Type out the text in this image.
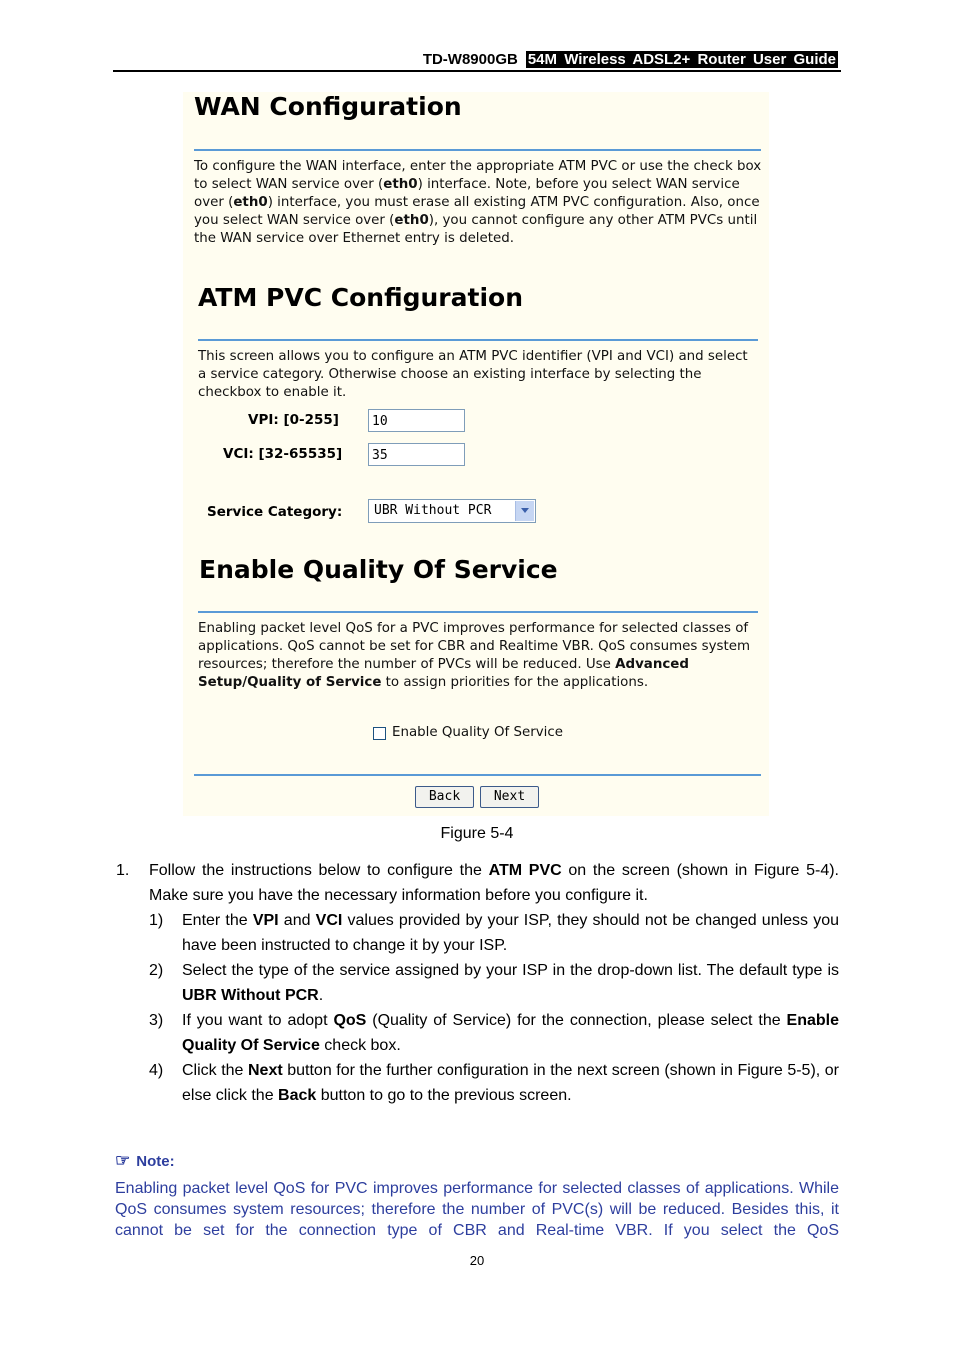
TD-W8900GB 54M Wireless ADSL2+ Router User Guide
WAN Configuration
To configure the WAN interface, enter the appropriate ATM PVC or use the check box to select WAN service over (eth0) interface. Note, before you select WAN service over (eth0) interface, you must erase all existing ATM PVC configuration. Also, once you select WAN service over (eth0), you cannot configure any other ATM PVCs until the WAN service over Ethernet entry is deleted.
ATM PVC Configuration
This screen allows you to configure an ATM PVC identifier (VPI and VCI) and select a service category. Otherwise choose an existing interface by selecting the checkbox to enable it.
VPI: [0-255]	10
VCI: [32-65535]	35
Service Category:	UBR Without PCR
Enable Quality Of Service
Enabling packet level QoS for a PVC improves performance for selected classes of applications. QoS cannot be set for CBR and Realtime VBR. QoS consumes system resources; therefore the number of PVCs will be reduced. Use Advanced Setup/Quality of Service to assign priorities for the applications.
Enable Quality Of Service
Back	Next
Figure 5-4
1. Follow the instructions below to configure the ATM PVC on the screen (shown in Figure 5-4). Make sure you have the necessary information before you configure it.
1) Enter the VPI and VCI values provided by your ISP, they should not be changed unless you have been instructed to change it by your ISP.
2) Select the type of the service assigned by your ISP in the drop-down list. The default type is UBR Without PCR.
3) If you want to adopt QoS (Quality of Service) for the connection, please select the Enable Quality Of Service check box.
4) Click the Next button for the further configuration in the next screen (shown in Figure 5-5), or else click the Back button to go to the previous screen.
☞ Note:
Enabling packet level QoS for PVC improves performance for selected classes of applications. While QoS consumes system resources; therefore the number of PVC(s) will be reduced. Besides this, it cannot be set for the connection type of CBR and Real-time VBR. If you select the QoS
20
